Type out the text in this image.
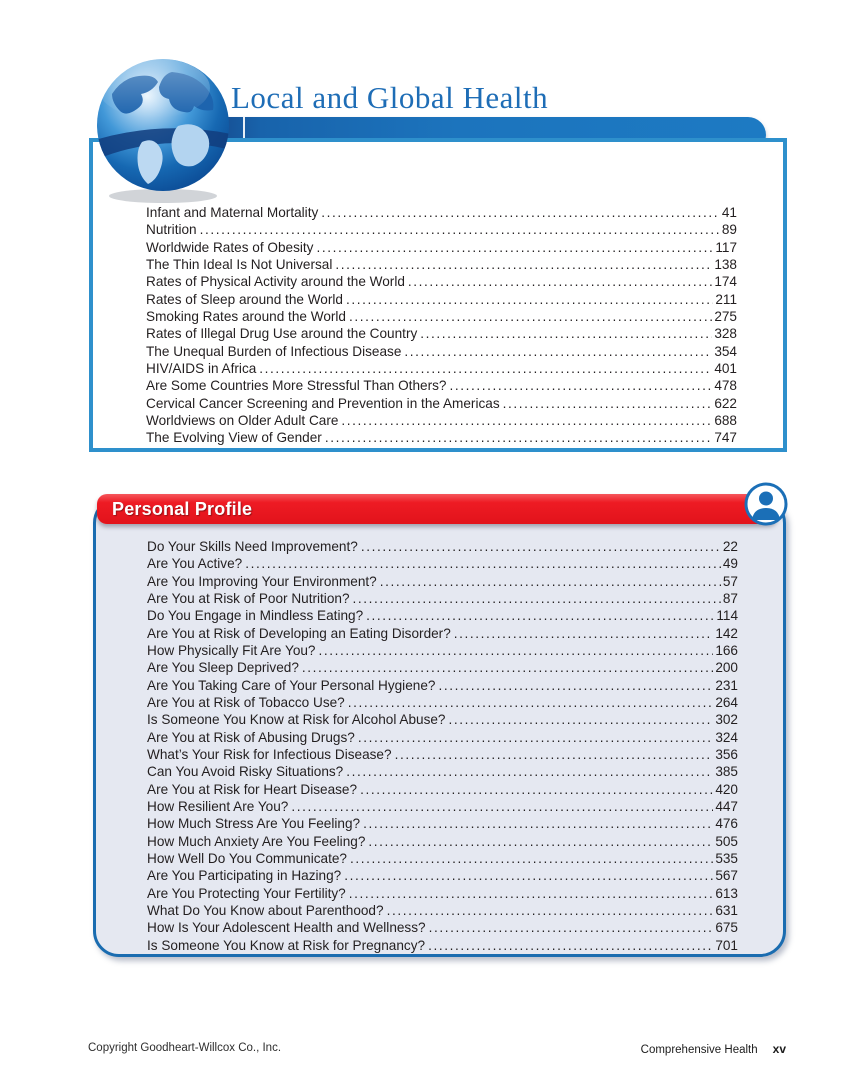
Local and Global Health
Infant and Maternal Mortality .....	41
Nutrition .....	89
Worldwide Rates of Obesity .....	117
The Thin Ideal Is Not Universal .....	138
Rates of Physical Activity around the World .....	174
Rates of Sleep around the World .....	211
Smoking Rates around the World .....	275
Rates of Illegal Drug Use around the Country .....	328
The Unequal Burden of Infectious Disease .....	354
HIV/AIDS in Africa .....	401
Are Some Countries More Stressful Than Others? .....	478
Cervical Cancer Screening and Prevention in the Americas .....	622
Worldviews on Older Adult Care .....	688
The Evolving View of Gender .....	747
Personal Profile
Do Your Skills Need Improvement? .....	22
Are You Active? .....	49
Are You Improving Your Environment? .....	57
Are You at Risk of Poor Nutrition? .....	87
Do You Engage in Mindless Eating? .....	114
Are You at Risk of Developing an Eating Disorder? .....	142
How Physically Fit Are You? .....	166
Are You Sleep Deprived? .....	200
Are You Taking Care of Your Personal Hygiene? .....	231
Are You at Risk of Tobacco Use? .....	264
Is Someone You Know at Risk for Alcohol Abuse? .....	302
Are You at Risk of Abusing Drugs? .....	324
What’s Your Risk for Infectious Disease? .....	356
Can You Avoid Risky Situations? .....	385
Are You at Risk for Heart Disease? .....	420
How Resilient Are You? .....	447
How Much Stress Are You Feeling? .....	476
How Much Anxiety Are You Feeling? .....	505
How Well Do You Communicate? .....	535
Are You Participating in Hazing? .....	567
Are You Protecting Your Fertility? .....	613
What Do You Know about Parenthood? .....	631
How Is Your Adolescent Health and Wellness? .....	675
Is Someone You Know at Risk for Pregnancy? .....	701
Copyright Goodheart-Willcox Co., Inc.	Comprehensive Health xv
